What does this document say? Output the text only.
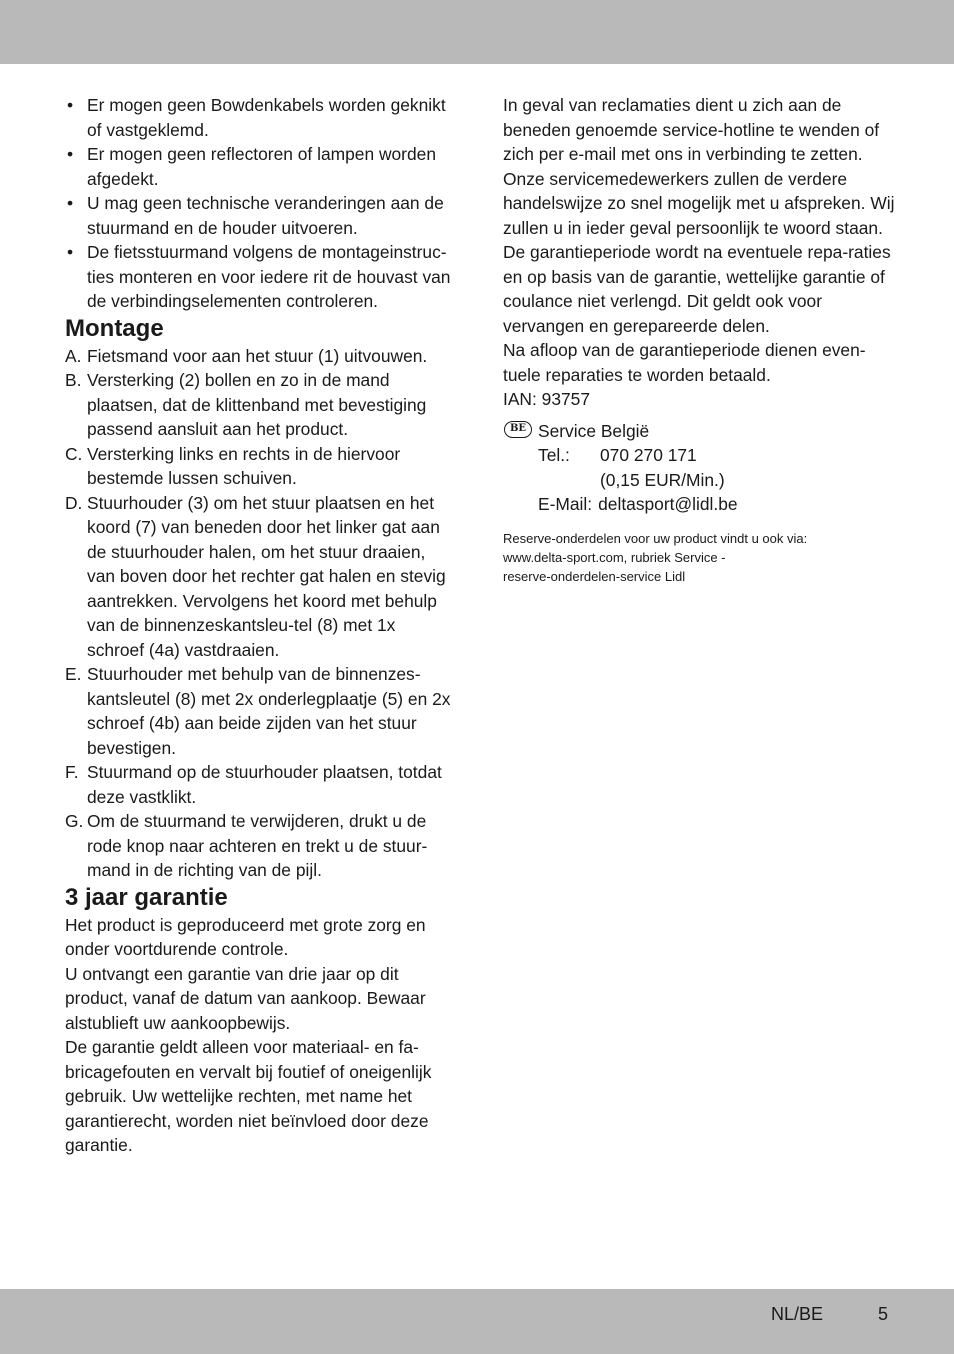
• Er mogen geen Bowdenkabels worden geknikt of vastgeklemd.
• Er mogen geen reflectoren of lampen worden afgedekt.
• U mag geen technische veranderingen aan de stuurmand en de houder uitvoeren.
• De fietsstuurmand volgens de montageinstruc-ties monteren en voor iedere rit de houvast van de verbindingselementen controleren.
Montage
A. Fietsmand voor aan het stuur (1) uitvouwen.
B. Versterking (2) bollen en zo in de mand plaatsen, dat de klittenband met bevestiging passend aansluit aan het product.
C. Versterking links en rechts in de hiervoor bestemde lussen schuiven.
D. Stuurhouder (3) om het stuur plaatsen en het koord (7) van beneden door het linker gat aan de stuurhouder halen, om het stuur draaien, van boven door het rechter gat halen en stevig aantrekken. Vervolgens het koord met behulp van de binnenzeskantsleu-tel (8) met 1x schroef (4a) vastdraaien.
E. Stuurhouder met behulp van de binnenzes-kantsleutel (8) met 2x onderlegplaatje (5) en 2x schroef (4b) aan beide zijden van het stuur bevestigen.
F. Stuurmand op de stuurhouder plaatsen, totdat deze vastklikt.
G. Om de stuurmand te verwijderen, drukt u de rode knop naar achteren en trekt u de stuur-mand in de richting van de pijl.
3 jaar garantie

Het product is geproduceerd met grote zorg en onder voortdurende controle.

U ontvangt een garantie van drie jaar op dit product, vanaf de datum van aankoop. Bewaar alstublieft uw aankoopbewijs.

De garantie geldt alleen voor materiaal- en fa-bricagefouten en vervalt bij foutief of oneigenlijk gebruik. Uw wettelijke rechten, met name het garantierecht, worden niet beïnvloed door deze garantie.

In geval van reclamaties dient u zich aan de beneden genoemde service-hotline te wenden of zich per e-mail met ons in verbinding te zetten. Onze servicemedewerkers zullen de verdere handelswijze zo snel mogelijk met u afspreken. Wij zullen u in ieder geval persoonlijk te woord staan.

De garantieperiode wordt na eventuele repa-raties en op basis van de garantie, wettelijke garantie of coulance niet verlengd. Dit geldt ook voor vervangen en gerepareerde delen.

Na afloop van de garantieperiode dienen even-tuele reparaties te worden betaald.

IAN: 93757

BE Service België
Tel.:	070 270 171
(0,15 EUR/Min.)
E-Mail: deltasport@lidl.be
Reserve-onderdelen voor uw product vindt u ook via:
www.delta-sport.com, rubriek Service -
reserve-onderdelen-service Lidl
NL/BE	5
